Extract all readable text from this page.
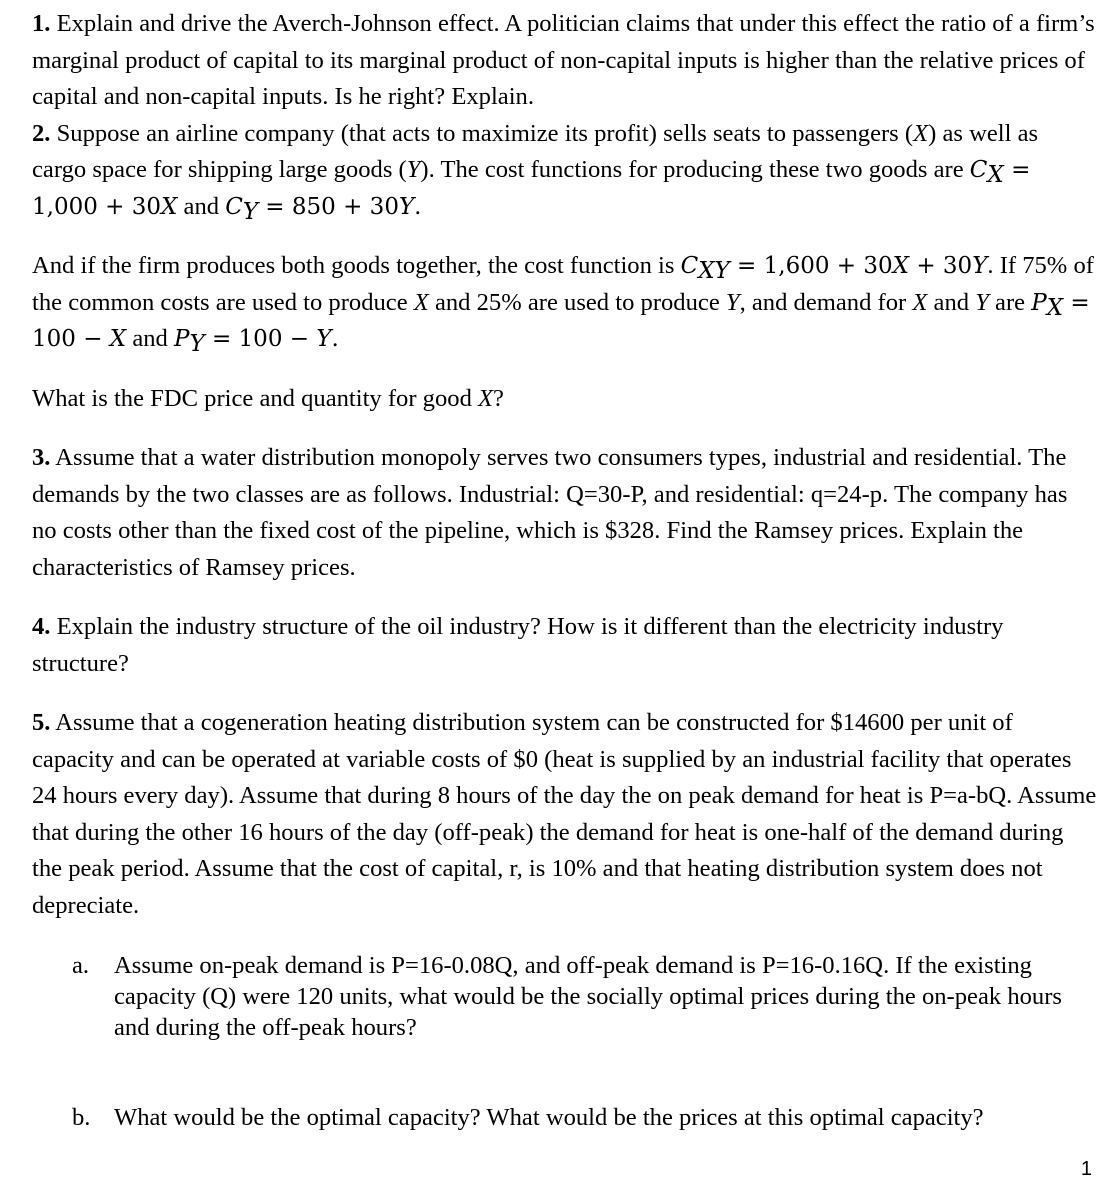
1. Explain and drive the Averch-Johnson effect. A politician claims that under this effect the ratio of a firm’s marginal product of capital to its marginal product of non-capital inputs is higher than the relative prices of capital and non-capital inputs. Is he right? Explain.

2. Suppose an airline company (that acts to maximize its profit) sells seats to passengers (X) as well as cargo space for shipping large goods (Y). The cost functions for producing these two goods are $C_X = 1,000 + 30X$ and $C_Y = 850 + 30Y$.

And if the firm produces both goods together, the cost function is $C_{XY} = 1,600 + 30X + 30Y$. If 75% of the common costs are used to produce X and 25% are used to produce Y, and demand for X and Y are $P_X = 100 - X$ and $P_Y = 100 - Y$.

What is the FDC price and quantity for good X?

3. Assume that a water distribution monopoly serves two consumers types, industrial and residential. The demands by the two classes are as follows. Industrial: Q=30-P, and residential: q=24-p. The company has no costs other than the fixed cost of the pipeline, which is $328. Find the Ramsey prices. Explain the characteristics of Ramsey prices.

4. Explain the industry structure of the oil industry? How is it different than the electricity industry structure?

5. Assume that a cogeneration heating distribution system can be constructed for $14600 per unit of capacity and can be operated at variable costs of $0 (heat is supplied by an industrial facility that operates 24 hours every day). Assume that during 8 hours of the day the on peak demand for heat is P=a-bQ. Assume that during the other 16 hours of the day (off-peak) the demand for heat is one-half of the demand during the peak period. Assume that the cost of capital, r, is 10% and that heating distribution system does not depreciate.

a.	Assume on-peak demand is P=16-0.08Q, and off-peak demand is P=16-0.16Q. If the existing capacity (Q) were 120 units, what would be the socially optimal prices during the on-peak hours and during the off-peak hours?
b. What would be the optimal capacity? What would be the prices at this optimal capacity?
1
